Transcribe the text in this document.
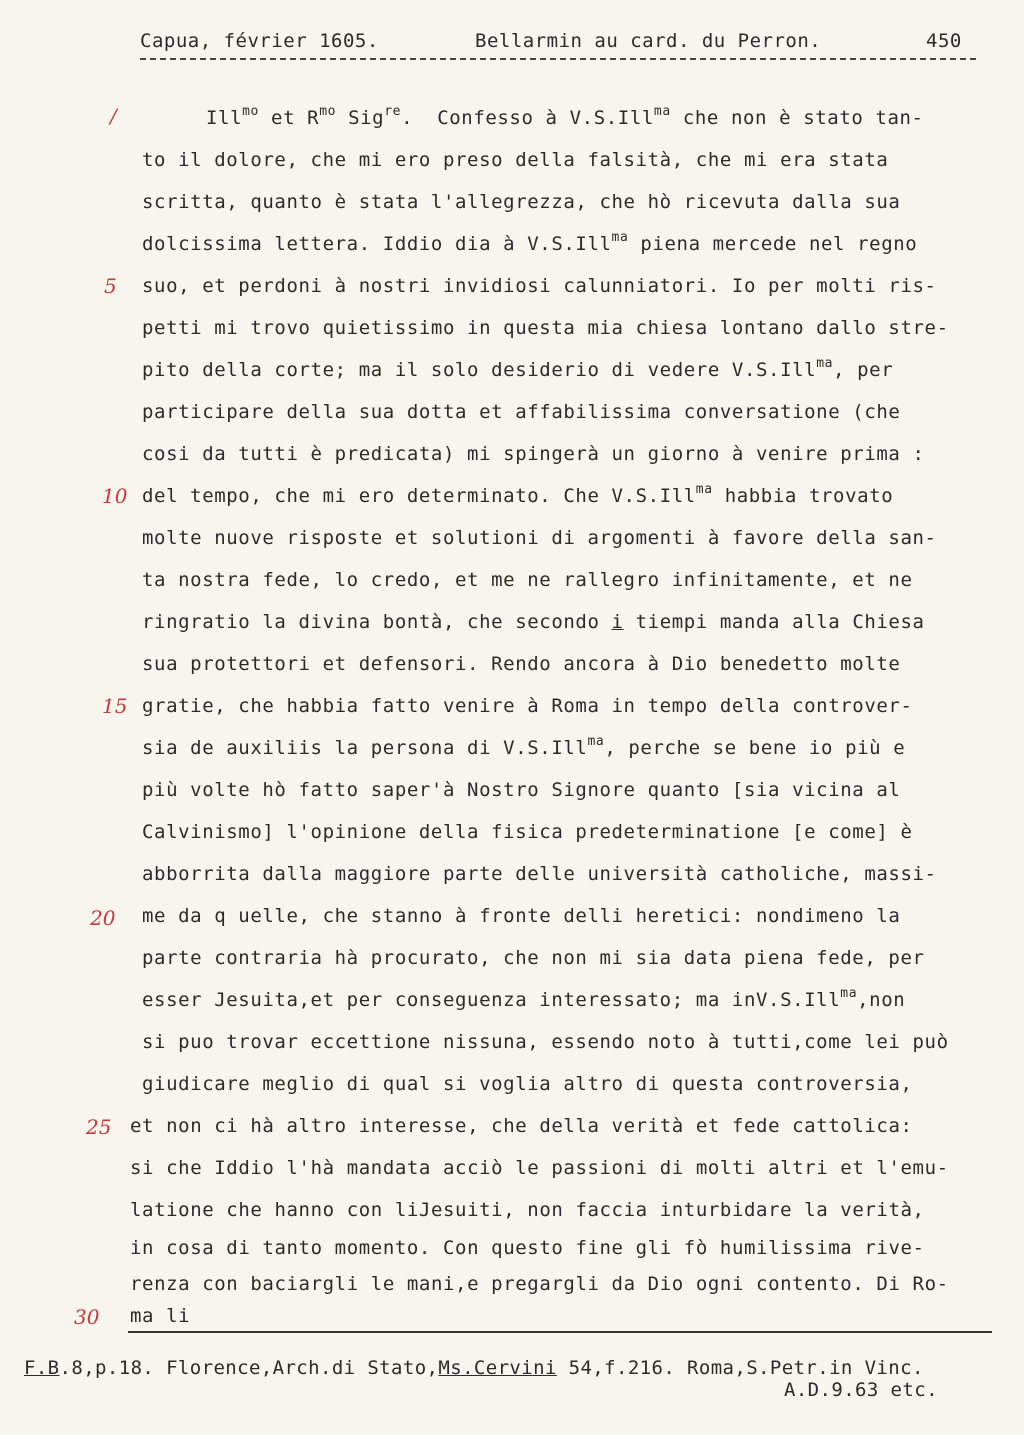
Capua, février 1605.	Bellarmin au card. du Perron.	450
/
5
10
15
20
25
30
Ill$^{mo}$ et $R^{mo}$ Sig$^{re}$. Confesso à V.S.Ill$^{ma}$ che non è stato tan-
to il dolore, che mi ero preso della falsità, che mi era stata
scritta, quanto è stata l'allegrezza, che hò ricevuta dalla sua
dolcissima lettera. Iddio dia à V.S.Ill$^{ma}$ piena mercede nel regno
suo, et perdoni à nostri invidiosi calunniatori. Io per molti ris-
petti mi trovo quietissimo in questa mia chiesa lontano dallo stre-
pito della corte; ma il solo desiderio di vedere V.S.Ill$^{ma}$, per
participare della sua dotta et affabilissima conversatione (che
cosi da tutti è predicata) mi spingerà un giorno à venire prima :
del tempo, che mi ero determinato. Che V.S.Ill$^{ma}$ habbia trovato
molte nuove risposte et solutioni di argomenti à favore della san-
ta nostra fede, lo credo, et me ne rallegro infinitamente, et ne
ringratio la divina bontà, che secondo i tiempi manda alla Chiesa
sua protettori et defensori. Rendo ancora à Dio benedetto molte
gratie, che habbia fatto venire à Roma in tempo della controver-
sia de auxiliis la persona di V.S.Ill$^{ma}$, perche se bene io più e
più volte hò fatto saper'à Nostro Signore quanto [sia vicina al
Calvinismo] l'opinione della fisica predeterminatione [e come] è
abborrita dalla maggiore parte delle università catholiche, massi-
me da q uelle, che stanno à fronte delli heretici: nondimeno la
parte contraria hà procurato, che non mi sia data piena fede, per
esser Jesuita,et per conseguenza interessato; ma inV.S.Ill$^{ma}$,non
si puo trovar eccettione nissuna, essendo noto à tutti,come lei può
giudicare meglio di qual si voglia altro di questa controversia,
et non ci hà altro interesse, che della verità et fede cattolica:
si che Iddio l'hà mandata acciò le passioni di molti altri et l'emu-
latione che hanno con liJesuiti, non faccia inturbidare la verità,
in cosa di tanto momento. Con questo fine gli fò humilissima rive-
renza con baciargli le mani,e pregargli da Dio ogni contento. Di Ro-
ma li
F.B.8,p.18. Florence,Arch.di Stato,Ms.Cervini 54,f.216. Roma,S.Petr.in Vinc.
A.D.9.63 etc.
